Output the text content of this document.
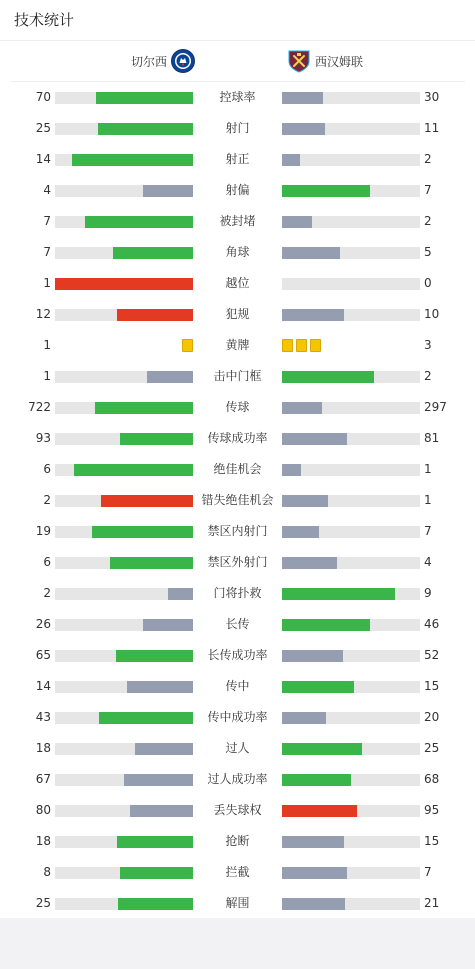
技术统计
切尔西	西汉姆联
70	控球率	30
25	射门	11
14	射正	2
4	射偏	7
7	被封堵	2
7	角球	5
1	越位	0
12	犯规	10
1	黄牌	3
1	击中门框	2
722	传球	297
93	传球成功率	81
6	绝佳机会	1
2	错失绝佳机会	1
19	禁区内射门	7
6	禁区外射门	4
2	门将扑救	9
26	长传	46
65	长传成功率	52
14	传中	15
43	传中成功率	20
18	过人	25
67	过人成功率	68
80	丢失球权	95
18	抢断	15
8	拦截	7
25	解围	21
